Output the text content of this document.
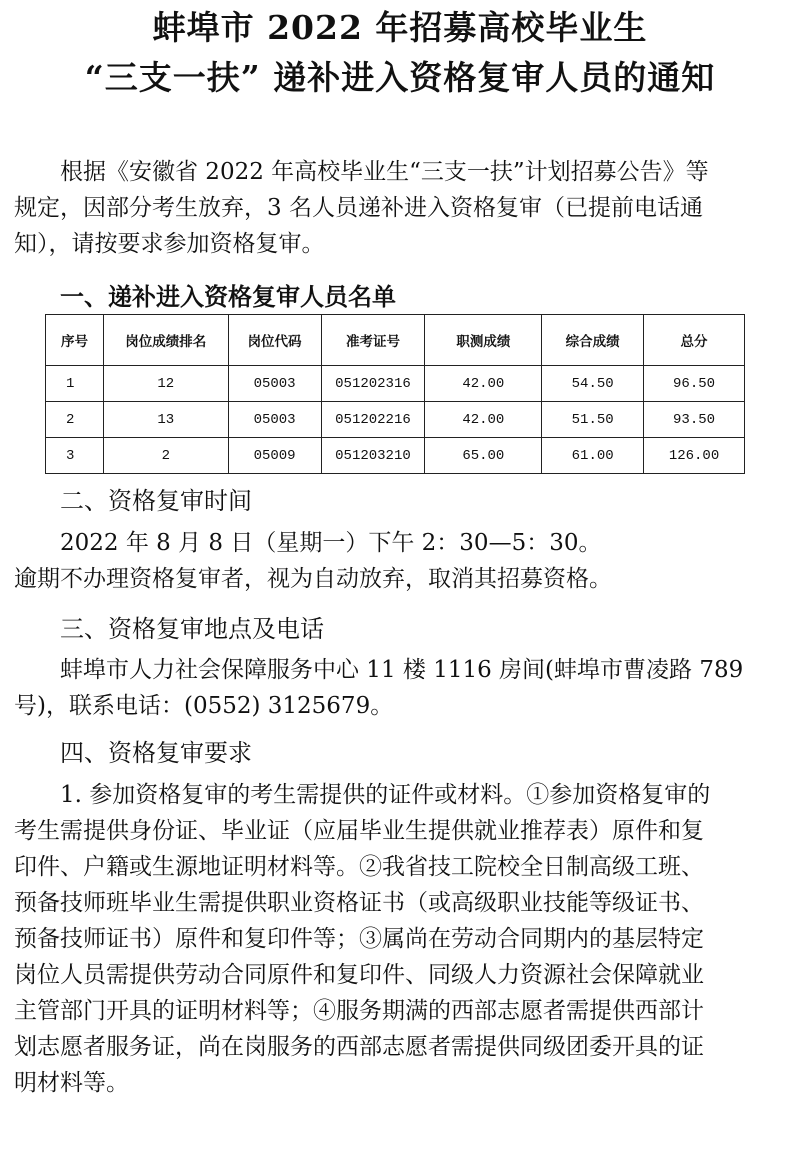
蚌埠市 2022 年招募高校毕业生
“三支一扶” 递补进入资格复审人员的通知
根据《安徽省 2022 年高校毕业生“三支一扶”计划招募公告》等
规定，因部分考生放弃，3 名人员递补进入资格复审（已提前电话通
知），请按要求参加资格复审。
一、递补进入资格复审人员名单
序号	岗位成绩排名	岗位代码	准考证号	职测成绩	综合成绩	总分
1	12	05003	051202316	42.00	54.50	96.50
2	13	05003	051202216	42.00	51.50	93.50
3	2	05009	051203210	65.00	61.00	126.00
二、资格复审时间
2022 年 8 月 8 日（星期一）下午 2：30—5：30。
逾期不办理资格复审者，视为自动放弃，取消其招募资格。
三、资格复审地点及电话
蚌埠市人力社会保障服务中心 11 楼 1116 房间(蚌埠市曹凌路 789
号)，联系电话：(0552) 3125679。
四、资格复审要求
1. 参加资格复审的考生需提供的证件或材料。①参加资格复审的
考生需提供身份证、毕业证（应届毕业生提供就业推荐表）原件和复
印件、户籍或生源地证明材料等。②我省技工院校全日制高级工班、
预备技师班毕业生需提供职业资格证书（或高级职业技能等级证书、
预备技师证书）原件和复印件等；③属尚在劳动合同期内的基层特定
岗位人员需提供劳动合同原件和复印件、同级人力资源社会保障就业
主管部门开具的证明材料等；④服务期满的西部志愿者需提供西部计
划志愿者服务证，尚在岗服务的西部志愿者需提供同级团委开具的证
明材料等。
